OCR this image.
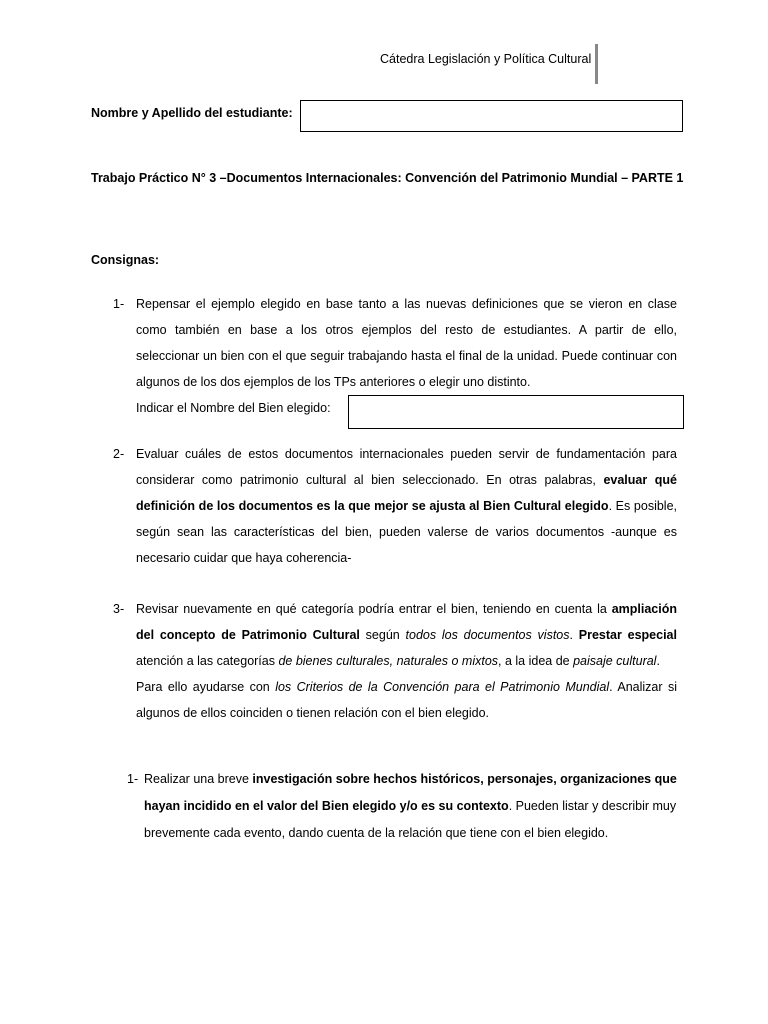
Cátedra Legislación y Política Cultural
Nombre y Apellido del estudiante:
Trabajo Práctico N° 3 –Documentos Internacionales: Convención del Patrimonio Mundial – PARTE 1
Consignas:
1- Repensar el ejemplo elegido en base tanto a las nuevas definiciones que se vieron en clase
como también en base a los otros ejemplos del resto de estudiantes. A partir de ello,
seleccionar un bien con el que seguir trabajando hasta el final de la unidad. Puede continuar con
algunos de los dos ejemplos de los TPs anteriores o elegir uno distinto.
Indicar el Nombre del Bien elegido:
2- Evaluar cuáles de estos documentos internacionales pueden servir de fundamentación para considerar como patrimonio cultural al bien seleccionado. En otras palabras, evaluar qué definición de los documentos es la que mejor se ajusta al Bien Cultural elegido. Es posible, según sean las características del bien, pueden valerse de varios documentos -aunque es necesario cuidar que haya coherencia-

3- Revisar nuevamente en qué categoría podría entrar el bien, teniendo en cuenta la ampliación del concepto de Patrimonio Cultural según todos los documentos vistos. Prestar especial atención a las categorías de bienes culturales, naturales o mixtos, a la idea de paisaje cultural.

Para ello ayudarse con los Criterios de la Convención para el Patrimonio Mundial. Analizar si algunos de ellos coinciden o tienen relación con el bien elegido.

1- Realizar una breve investigación sobre hechos históricos, personajes, organizaciones que hayan incidido en el valor del Bien elegido y/o es su contexto. Pueden listar y describir muy brevemente cada evento, dando cuenta de la relación que tiene con el bien elegido.
